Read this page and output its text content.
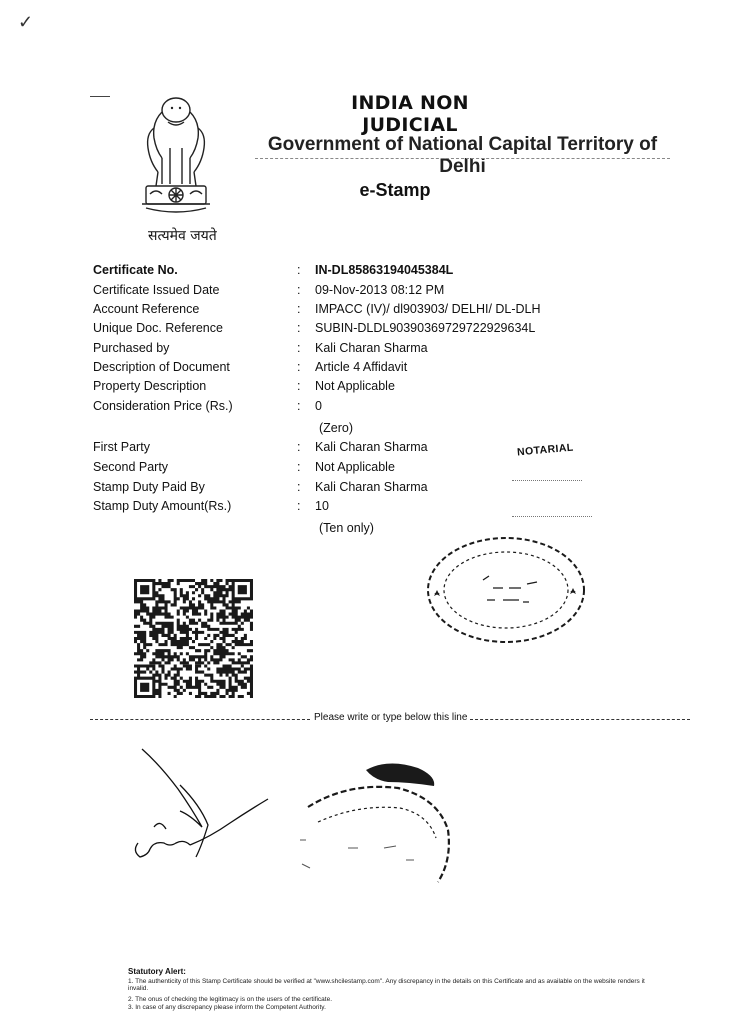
✓
सत्यमेव जयते
INDIA NON JUDICIAL
Government of National Capital Territory of Delhi
e-Stamp
Certificate No.	: IN-DL85863194045384L
Certificate Issued Date	: 09-Nov-2013 08:12 PM
Account Reference	: IMPACC (IV)/ dl903903/ DELHI/ DL-DLH
Unique Doc. Reference	: SUBIN-DLDL90390369729722929634L
Purchased by	: Kali Charan Sharma
Description of Document	: Article 4 Affidavit
Property Description	: Not Applicable
Consideration Price (Rs.)	: 0
(Zero)
First Party	: Kali Charan Sharma
Second Party	: Not Applicable
Stamp Duty Paid By	: Kali Charan Sharma
Stamp Duty Amount(Rs.)	: 10
(Ten only)
NOTARIAL
Please write or type below this line
Statutory Alert:
1. The authenticity of this Stamp Certificate should be verified at "www.shcilestamp.com". Any discrepancy in the details on this Certificate and as available on the website renders it invalid.
2. The onus of checking the legitimacy is on the users of the certificate.
3. In case of any discrepancy please inform the Competent Authority.
